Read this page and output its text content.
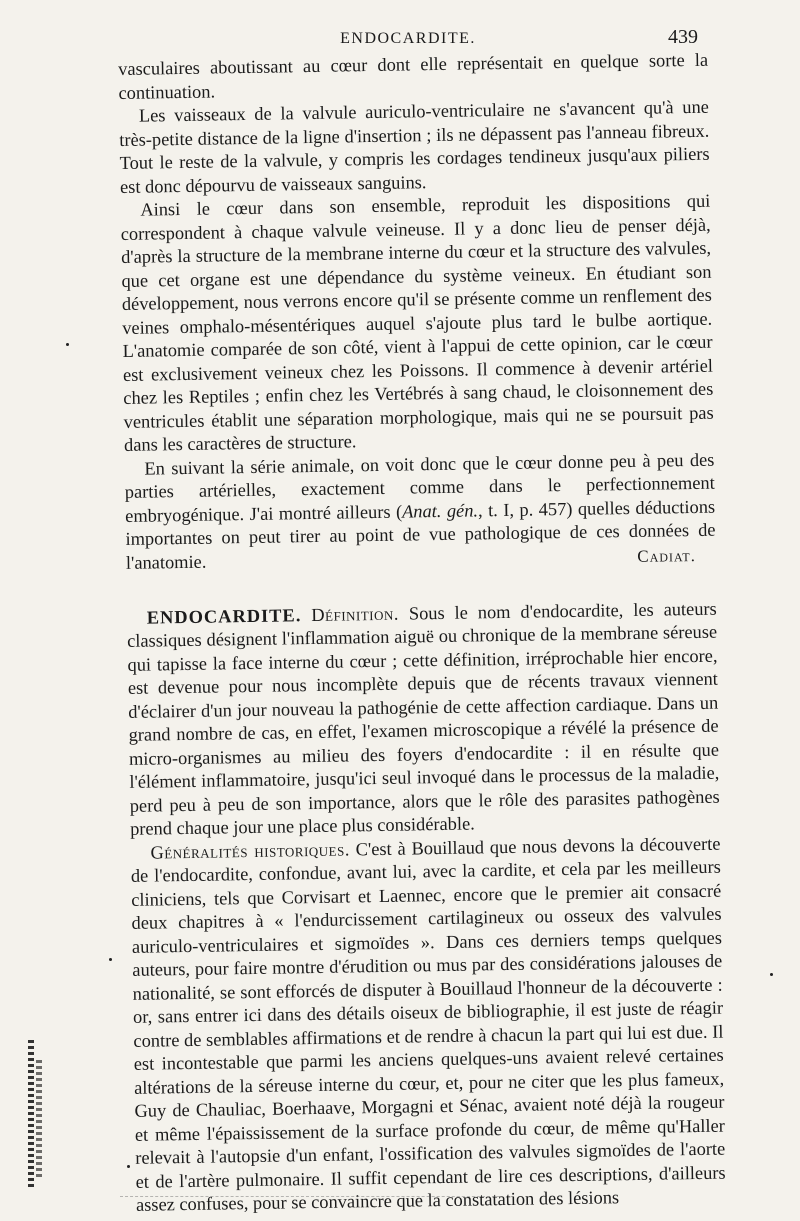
ENDOCARDITE.	439

vasculaires aboutissant au cœur dont elle représentait en quelque sorte la continuation.

Les vaisseaux de la valvule auriculo-ventriculaire ne s'avancent qu'à une très-petite distance de la ligne d'insertion ; ils ne dépassent pas l'anneau fibreux. Tout le reste de la valvule, y compris les cordages tendineux jusqu'aux piliers est donc dépourvu de vaisseaux sanguins.

Ainsi le cœur dans son ensemble, reproduit les dispositions qui correspondent à chaque valvule veineuse. Il y a donc lieu de penser déjà, d'après la structure de la membrane interne du cœur et la structure des valvules, que cet organe est une dépendance du système veineux. En étudiant son développement, nous verrons encore qu'il se présente comme un renflement des veines omphalo-mésentériques auquel s'ajoute plus tard le bulbe aortique. L'anatomie comparée de son côté, vient à l'appui de cette opinion, car le cœur est exclusivement veineux chez les Poissons. Il commence à devenir artériel chez les Reptiles ; enfin chez les Vertébrés à sang chaud, le cloisonnement des ventricules établit une séparation morphologique, mais qui ne se poursuit pas dans les caractères de structure.

En suivant la série animale, on voit donc que le cœur donne peu à peu des parties artérielles, exactement comme dans le perfectionnement embryogénique. J'ai montré ailleurs (Anat. gén., t. I, p. 457) quelles déductions importantes on peut tirer au point de vue pathologique de ces données de l'anatomie.	Cadiat.

ENDOCARDITE. Définition. Sous le nom d'endocardite, les auteurs classiques désignent l'inflammation aiguë ou chronique de la membrane séreuse qui tapisse la face interne du cœur ; cette définition, irréprochable hier encore, est devenue pour nous incomplète depuis que de récents travaux viennent d'éclairer d'un jour nouveau la pathogénie de cette affection cardiaque. Dans un grand nombre de cas, en effet, l'examen microscopique a révélé la présence de micro-organismes au milieu des foyers d'endocardite : il en résulte que l'élément inflammatoire, jusqu'ici seul invoqué dans le processus de la maladie, perd peu à peu de son importance, alors que le rôle des parasites pathogènes prend chaque jour une place plus considérable.

Généralités historiques. C'est à Bouillaud que nous devons la découverte de l'endocardite, confondue, avant lui, avec la cardite, et cela par les meilleurs cliniciens, tels que Corvisart et Laennec, encore que le premier ait consacré deux chapitres à « l'endurcissement cartilagineux ou osseux des valvules auriculo-ventriculaires et sigmoïdes ». Dans ces derniers temps quelques auteurs, pour faire montre d'érudition ou mus par des considérations jalouses de nationalité, se sont efforcés de disputer à Bouillaud l'honneur de la découverte : or, sans entrer ici dans des détails oiseux de bibliographie, il est juste de réagir contre de semblables affirmations et de rendre à chacun la part qui lui est due. Il est incontestable que parmi les anciens quelques-uns avaient relevé certaines altérations de la séreuse interne du cœur, et, pour ne citer que les plus fameux, Guy de Chauliac, Boerhaave, Morgagni et Sénac, avaient noté déjà la rougeur et même l'épaississement de la surface profonde du cœur, de même qu'Haller relevait à l'autopsie d'un enfant, l'ossification des valvules sigmoïdes de l'aorte et de l'artère pulmonaire. Il suffit cependant de lire ces descriptions, d'ailleurs assez confuses, pour se convaincre que la constatation des lésions
